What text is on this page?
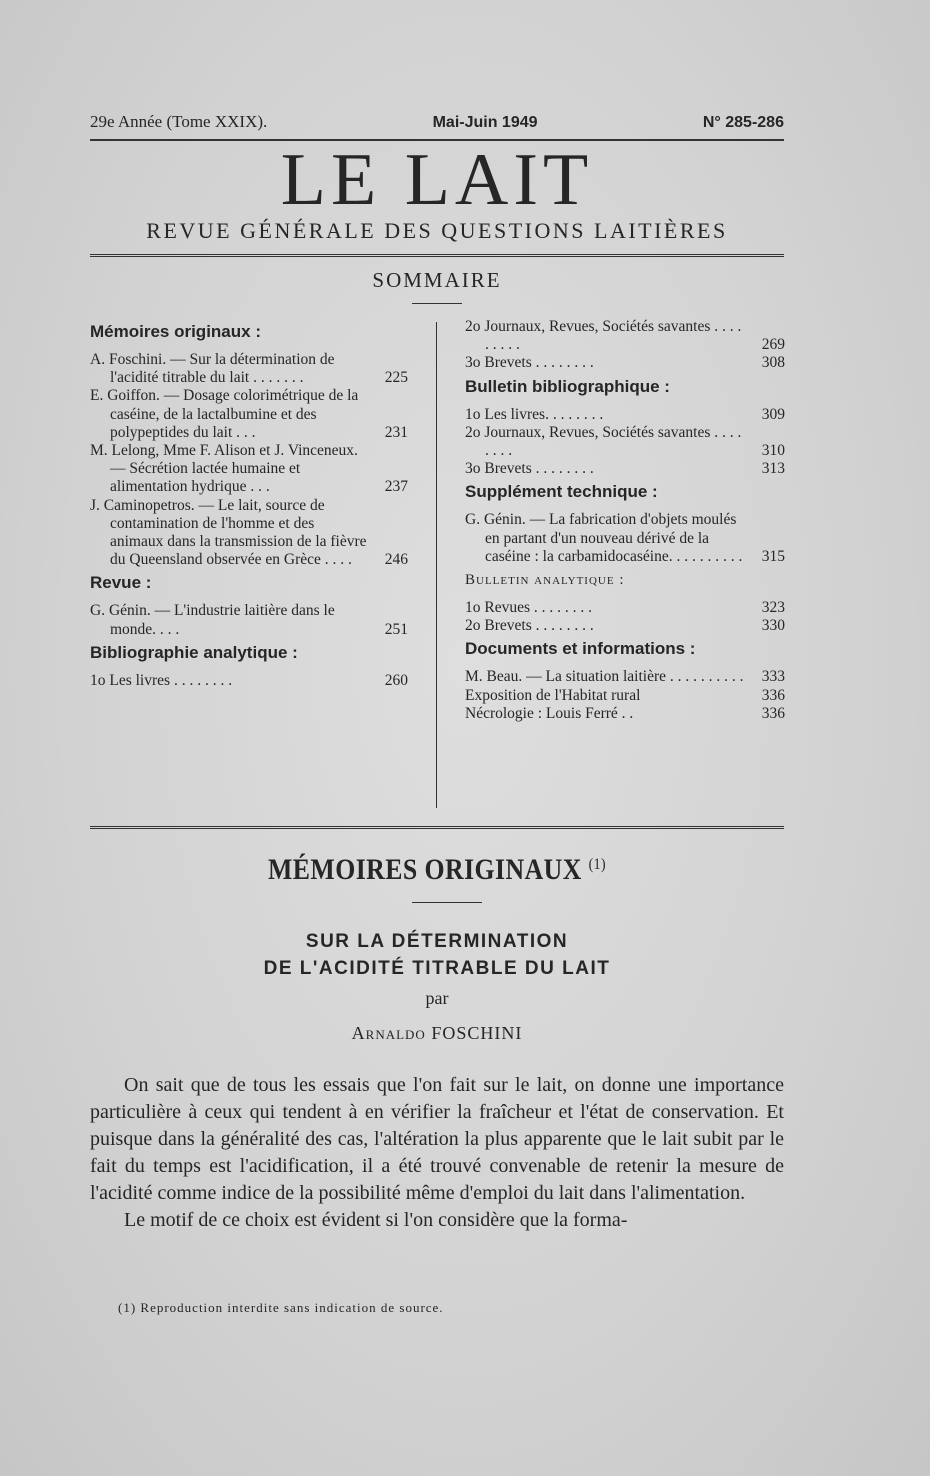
29e Année (Tome XXIX).	Mai-Juin 1949	N° 285-286
LE LAIT
REVUE GÉNÉRALE DES QUESTIONS LAITIÈRES
SOMMAIRE
Mémoires originaux :
A. Foschini. — Sur la détermination de l'acidité titrable du lait . . . . . . .	225
E. Goiffon. — Dosage colorimétrique de la caséine, de la lactalbumine et des polypeptides du lait . . .	231
M. Lelong, Mme F. Alison et J. Vinceneux. — Sécrétion lactée humaine et alimentation hydrique . . .	237
J. Caminopetros. — Le lait, source de contamination de l'homme et des animaux dans la transmission de la fièvre du Queensland observée en Grèce . . . .	246
Revue :
G. Génin. — L'industrie laitière dans le monde. . . .	251
Bibliographie analytique :
1o Les livres . . . . . . . .	260
2o Journaux, Revues, Sociétés savantes . . . . . . . . .	269
3o Brevets . . . . . . . .	308
Bulletin bibliographique :
1o Les livres. . . . . . . .	309
2o Journaux, Revues, Sociétés savantes . . . . . . . .	310
3o Brevets . . . . . . . .	313
Supplément technique :
G. Génin. — La fabrication d'objets moulés en partant d'un nouveau dérivé de la caséine : la carbamidocaséine. . . . . . . . . .	315
Bulletin analytique :
1o Revues . . . . . . . .	323
2o Brevets . . . . . . . .	330
Documents et informations :
M. Beau. — La situation laitière . . . . . . . . . .	333
Exposition de l'Habitat rural	336
Nécrologie : Louis Ferré . .	336
MÉMOIRES ORIGINAUX $^{(1)}$
SUR LA DÉTERMINATION
DE L'ACIDITÉ TITRABLE DU LAIT
par
Arnaldo FOSCHINI

On sait que de tous les essais que l'on fait sur le lait, on donne une importance particulière à ceux qui tendent à en vérifier la fraîcheur et l'état de conservation. Et puisque dans la généralité des cas, l'altération la plus apparente que le lait subit par le fait du temps est l'acidification, il a été trouvé convenable de retenir la mesure de l'acidité comme indice de la possibilité même d'emploi du lait dans l'alimentation.

Le motif de ce choix est évident si l'on considère que la forma-

(1) Reproduction interdite sans indication de source.
